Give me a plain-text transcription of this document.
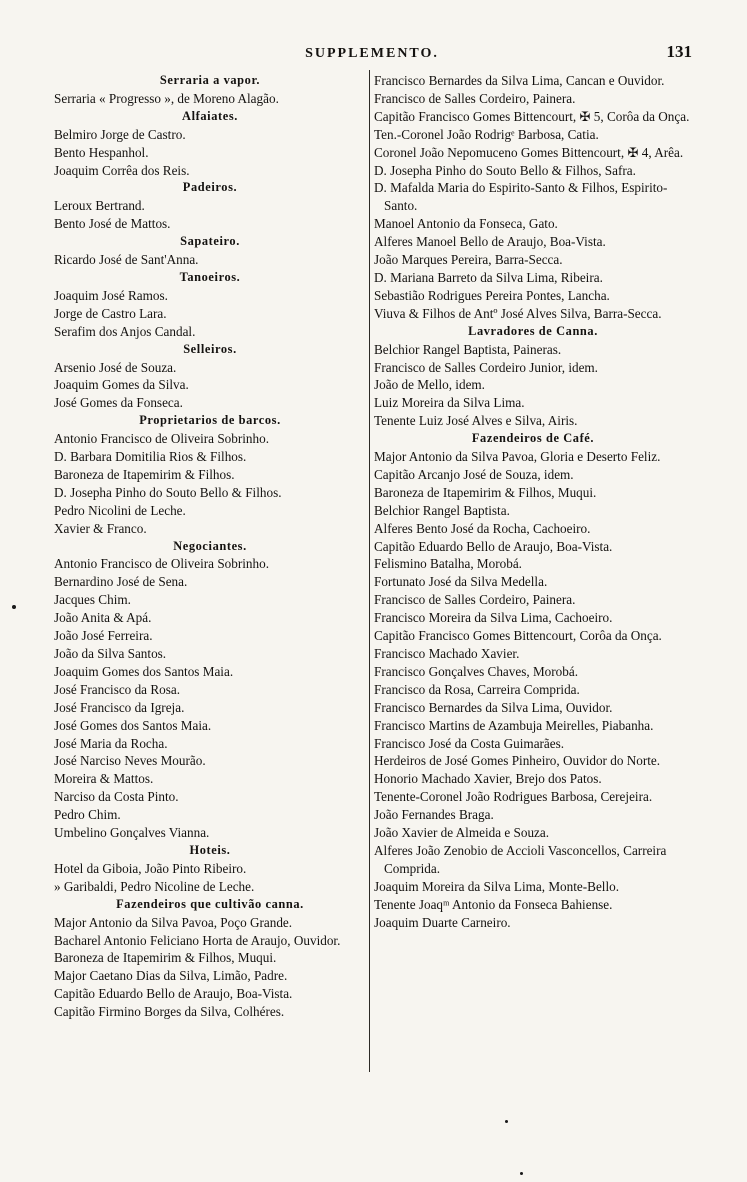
SUPPLEMENTO.	131
Serraria a vapor.
Serraria « Progresso », de Moreno Alagão.
Alfaiates.
Belmiro Jorge de Castro.
Bento Hespanhol.
Joaquim Corrêa dos Reis.
Padeiros.
Leroux Bertrand.
Bento José de Mattos.
Sapateiro.
Ricardo José de Sant'Anna.
Tanoeiros.
Joaquim José Ramos.
Jorge de Castro Lara.
Serafim dos Anjos Candal.
Selleiros.
Arsenio José de Souza.
Joaquim Gomes da Silva.
José Gomes da Fonseca.
Proprietarios de barcos.
Antonio Francisco de Oliveira Sobrinho.
D. Barbara Domitilia Rios & Filhos.
Baroneza de Itapemirim & Filhos.
D. Josepha Pinho do Souto Bello & Filhos.
Pedro Nicolini de Leche.
Xavier & Franco.
Negociantes.
Antonio Francisco de Oliveira Sobrinho.
Bernardino José de Sena.
Jacques Chim.
João Anita & Apá.
João José Ferreira.
João da Silva Santos.
Joaquim Gomes dos Santos Maia.
José Francisco da Rosa.
José Francisco da Igreja.
José Gomes dos Santos Maia.
José Maria da Rocha.
José Narciso Neves Mourão.
Moreira & Mattos.
Narciso da Costa Pinto.
Pedro Chim.
Umbelino Gonçalves Vianna.
Hoteis.
Hotel da Giboia, João Pinto Ribeiro.
» Garibaldi, Pedro Nicoline de Leche.
Fazendeiros que cultivão canna.
Major Antonio da Silva Pavoa, Poço Grande.
Bacharel Antonio Feliciano Horta de Araujo, Ouvidor.
Baroneza de Itapemirim & Filhos, Muqui.
Major Caetano Dias da Silva, Limão, Padre.
Capitão Eduardo Bello de Araujo, Boa-Vista.
Capitão Firmino Borges da Silva, Colhéres.
Francisco Bernardes da Silva Lima, Cancan e Ouvidor.
Francisco de Salles Cordeiro, Painera.
Capitão Francisco Gomes Bittencourt, ✠ 5, Corôa da Onça.
Ten.-Coronel João Rodrigᵉ Barbosa, Catia.
Coronel João Nepomuceno Gomes Bittencourt, ✠ 4, Arêa.
D. Josepha Pinho do Souto Bello & Filhos, Safra.
D. Mafalda Maria do Espirito-Santo & Filhos, Espirito-Santo.
Manoel Antonio da Fonseca, Gato.
Alferes Manoel Bello de Araujo, Boa-Vista.
João Marques Pereira, Barra-Secca.
D. Mariana Barreto da Silva Lima, Ribeira.
Sebastião Rodrigues Pereira Pontes, Lancha.
Viuva & Filhos de Antº José Alves Silva, Barra-Secca.
Lavradores de Canna.
Belchior Rangel Baptista, Paineras.
Francisco de Salles Cordeiro Junior, idem.
João de Mello, idem.
Luiz Moreira da Silva Lima.
Tenente Luiz José Alves e Silva, Airis.
Fazendeiros de Café.
Major Antonio da Silva Pavoa, Gloria e Deserto Feliz.
Capitão Arcanjo José de Souza, idem.
Baroneza de Itapemirim & Filhos, Muqui.
Belchior Rangel Baptista.
Alferes Bento José da Rocha, Cachoeiro.
Capitão Eduardo Bello de Araujo, Boa-Vista.
Felismino Batalha, Morobá.
Fortunato José da Silva Medella.
Francisco de Salles Cordeiro, Painera.
Francisco Moreira da Silva Lima, Cachoeiro.
Capitão Francisco Gomes Bittencourt, Corôa da Onça.
Francisco Machado Xavier.
Francisco Gonçalves Chaves, Morobá.
Francisco da Rosa, Carreira Comprida.
Francisco Bernardes da Silva Lima, Ouvidor.
Francisco Martins de Azambuja Meirelles, Piabanha.
Francisco José da Costa Guimarães.
Herdeiros de José Gomes Pinheiro, Ouvidor do Norte.
Honorio Machado Xavier, Brejo dos Patos.
Tenente-Coronel João Rodrigues Barbosa, Cerejeira.
João Fernandes Braga.
João Xavier de Almeida e Souza.
Alferes João Zenobio de Accioli Vasconcellos, Carreira Comprida.
Joaquim Moreira da Silva Lima, Monte-Bello.
Tenente Joaqᵐ Antonio da Fonseca Bahiense.
Joaquim Duarte Carneiro.
